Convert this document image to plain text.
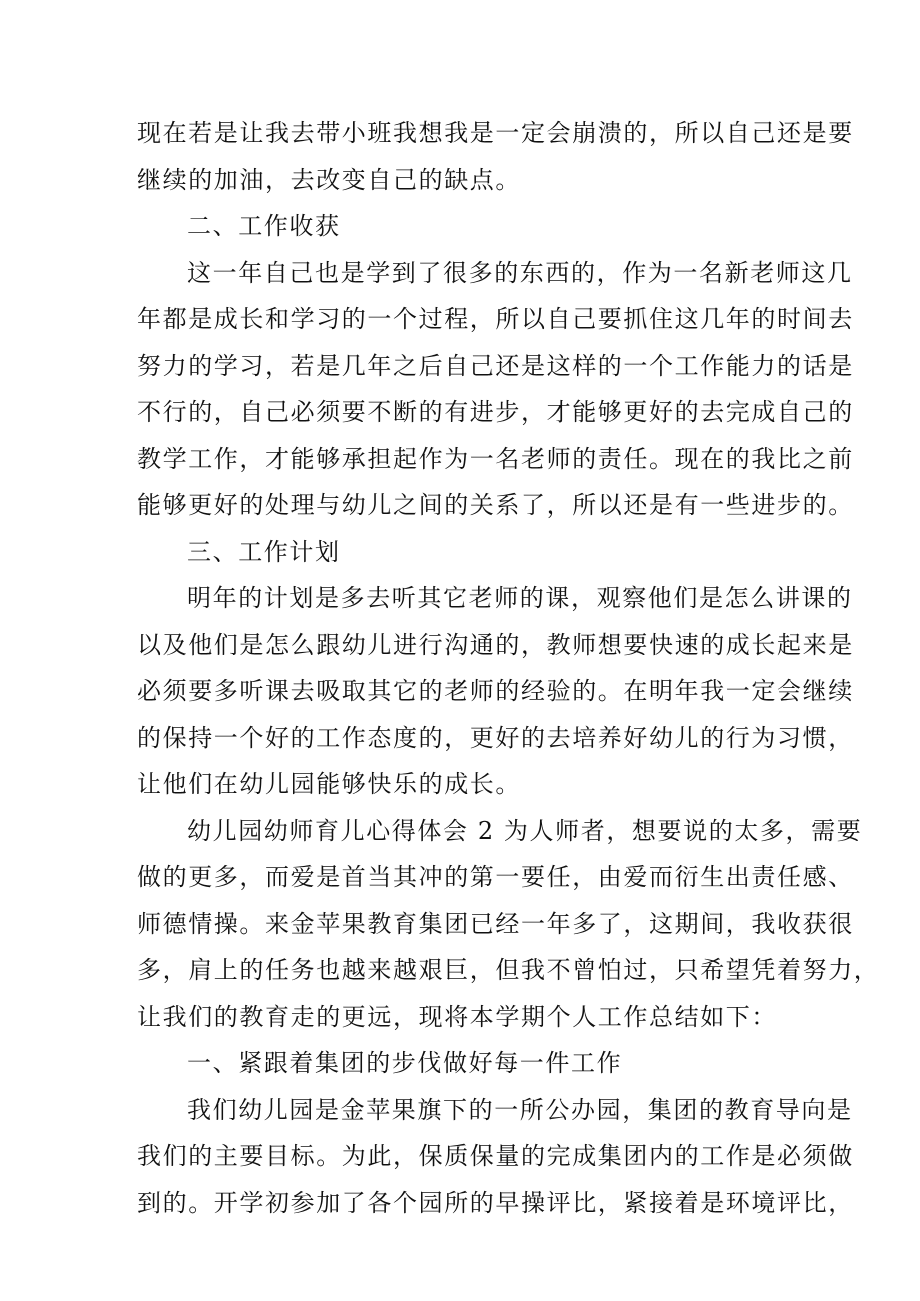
现在若是让我去带小班我想我是一定会崩溃的，所以自己还是要
继续的加油，去改变自己的缺点。
二、工作收获
这一年自己也是学到了很多的东西的，作为一名新老师这几
年都是成长和学习的一个过程，所以自己要抓住这几年的时间去
努力的学习，若是几年之后自己还是这样的一个工作能力的话是
不行的，自己必须要不断的有进步，才能够更好的去完成自己的
教学工作，才能够承担起作为一名老师的责任。现在的我比之前
能够更好的处理与幼儿之间的关系了，所以还是有一些进步的。
三、工作计划
明年的计划是多去听其它老师的课，观察他们是怎么讲课的
以及他们是怎么跟幼儿进行沟通的，教师想要快速的成长起来是
必须要多听课去吸取其它的老师的经验的。在明年我一定会继续
的保持一个好的工作态度的，更好的去培养好幼儿的行为习惯，
让他们在幼儿园能够快乐的成长。
幼儿园幼师育儿心得体会 2 为人师者，想要说的太多，需要
做的更多，而爱是首当其冲的第一要任，由爱而衍生出责任感、
师德情操。来金苹果教育集团已经一年多了，这期间，我收获很
多，肩上的任务也越来越艰巨，但我不曾怕过，只希望凭着努力，
让我们的教育走的更远，现将本学期个人工作总结如下：
一、紧跟着集团的步伐做好每一件工作
我们幼儿园是金苹果旗下的一所公办园，集团的教育导向是
我们的主要目标。为此，保质保量的完成集团内的工作是必须做
到的。开学初参加了各个园所的早操评比，紧接着是环境评比，
